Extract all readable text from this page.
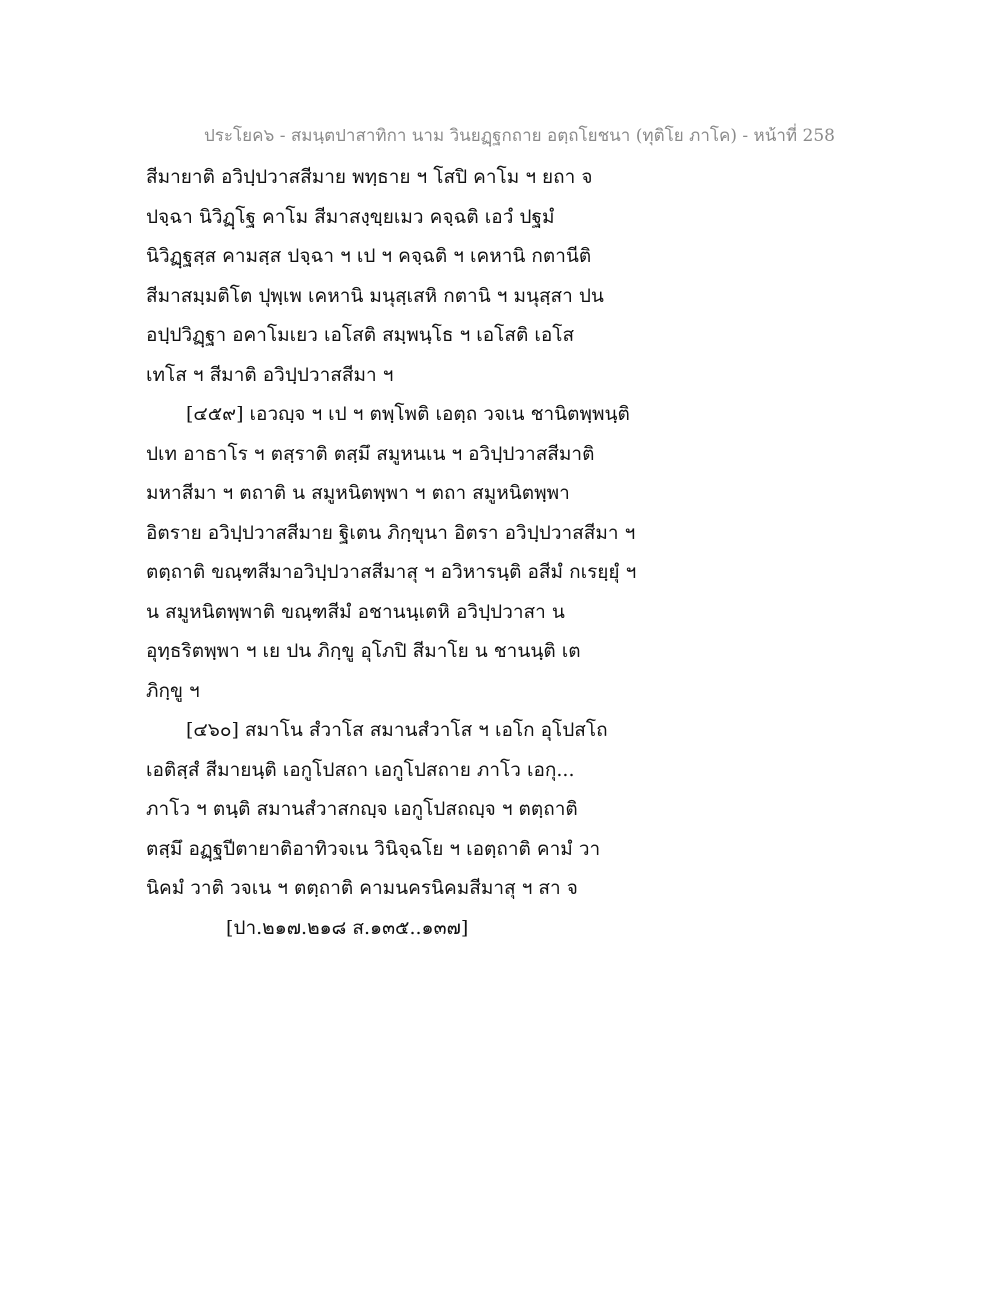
ประโยค๖ - สมนฺตปาสาทิกา นาม วินยฏฺฐกถาย อตฺถโยชนา (ทุติโย ภาโค) - หน้าที่ 258
สีมายาติ อวิปฺปวาสสีมาย พทฺธาย ฯ โสปิ คาโม ฯ ยถา จ
ปจฺฉา นิวิฏฺโฐ คาโม สีมาสงฺขฺยเมว คจฺฉติ เอวํ ปฐมํ
นิวิฏฺฐสฺส คามสฺส ปจฺฉา ฯ เป ฯ คจฺฉติ ฯ เคหานิ กตานีติ
สีมาสมฺมติโต ปุพฺเพ เคหานิ มนุสฺเสหิ กตานิ ฯ มนุสฺสา ปน
อปฺปวิฏฺฐา อคาโมเยว เอโสติ สมฺพนฺโธ ฯ เอโสติ เอโส
เทโส ฯ สีมาติ อวิปฺปวาสสีมา ฯ
[๔๕๙] เอวญฺจ ฯ เป ฯ ตพฺโพติ เอตฺถ วจเน ชานิตพฺพนฺติ
ปเท อาธาโร ฯ ตสฺราติ ตสฺมึ สมูหนเน ฯ อวิปฺปวาสสีมาติ
มหาสีมา ฯ ตถาติ น สมูหนิตพฺพา ฯ ตถา สมูหนิตพฺพา
อิตราย อวิปฺปวาสสีมาย ฐิเตน ภิกฺขุนา อิตรา อวิปฺปวาสสีมา ฯ
ตตฺถาติ ขณฺฑสีมาอวิปฺปวาสสีมาสุ ฯ อวิหารนฺติ อสีมํ กเรยฺยุํ ฯ
น สมูหนิตพฺพาติ ขณฺฑสีมํ อชานนฺเตหิ อวิปฺปวาสา น
อุทฺธริตพฺพา ฯ เย ปน ภิกฺขู อุโภปิ สีมาโย น ชานนฺติ เต
ภิกฺขู ฯ
[๔๖๐] สมาโน สํวาโส สมานสํวาโส ฯ เอโก อุโปสโถ
เอติสฺสํ สีมายนฺติ เอกูโปสถา เอกูโปสถาย ภาโว เอกุ...
ภาโว ฯ ตนฺติ สมานสํวาสกญฺจ เอกูโปสถญฺจ ฯ ตตฺถาติ
ตสฺมึ อฏฺฐปีตายาติอาทิวจเน วินิจฺฉโย ฯ เอตฺถาติ คามํ วา
นิคมํ วาติ วจเน ฯ ตตฺถาติ คามนครนิคมสีมาสุ ฯ สา จ
[ปา.๒๑๗.๒๑๘ ส.๑๓๕..๑๓๗]
